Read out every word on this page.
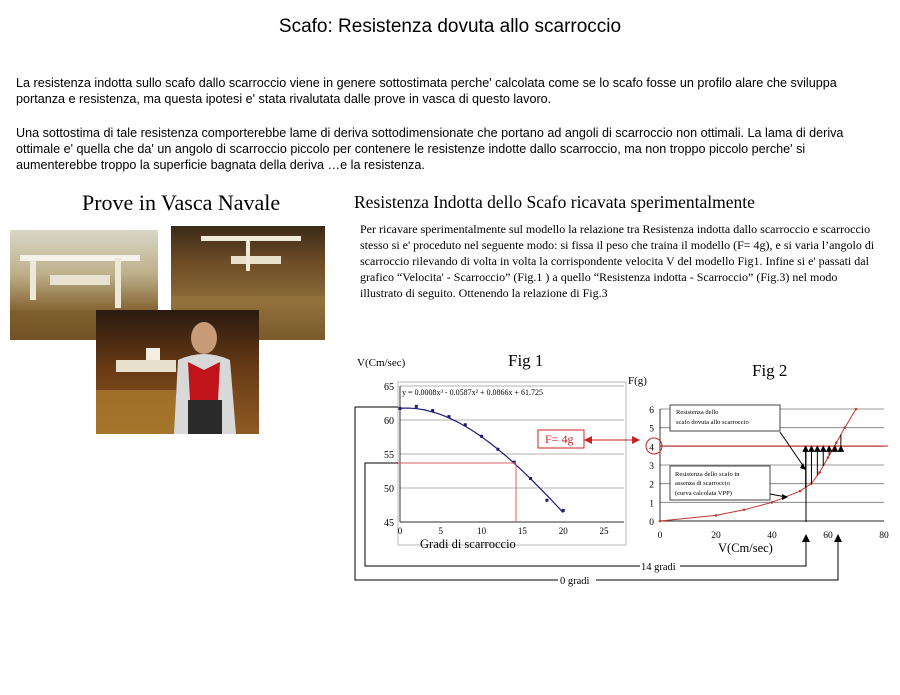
Scafo: Resistenza dovuta allo scarroccio
La resistenza indotta sullo scafo dallo scarroccio viene in genere sottostimata perche' calcolata come se lo scafo fosse un profilo alare che sviluppa portanza e resistenza, ma questa ipotesi e' stata rivalutata dalle prove in vasca di questo lavoro.
Una sottostima di tale resistenza comporterebbe lame di deriva sottodimensionate che portano ad angoli di scarroccio non ottimali. La lama di deriva ottimale e' quella che da' un angolo di scarroccio piccolo per contenere le resistenze indotte dallo scarroccio, ma non troppo piccolo perche' si aumenterebbe troppo la superficie bagnata della deriva …e la resistenza.
Prove in Vasca Navale	Resistenza Indotta dello Scafo ricavata sperimentalmente
Per ricavare sperimentalmente sul modello la relazione tra Resistenza indotta dallo scarroccio e scarroccio stesso si e' proceduto nel seguente modo: si fissa il peso che traina il modello (F= 4g), e si varia l’angolo di scarroccio rilevando di volta in volta la corrispondente velocita V del modello Fig1. Infine si e' passati dal grafico “Velocita' - Scarroccio” (Fig.1 ) a quello “Resistenza indotta - Scarroccio” (Fig.3) nel modo illustrato di seguito. Ottenendo la relazione di Fig.3
45
50
55
60
65
0	5	10	15	20	25
y = 0.0008x³ - 0.0587x² + 0.0866x + 61.725
V(Cm/sec)
Gradi di scarroccio
Fig 1
F= 4g
0
1
2
3
4
5
6
0	20	40	60	80
F(g)
V(Cm/sec)
Fig 2
Resistenza dello
scafo dovuta allo scarroccio
Resistenza dello scafo in
assenza di scarroccio
(curva calcolata VPP)
14 gradi
0 gradi
